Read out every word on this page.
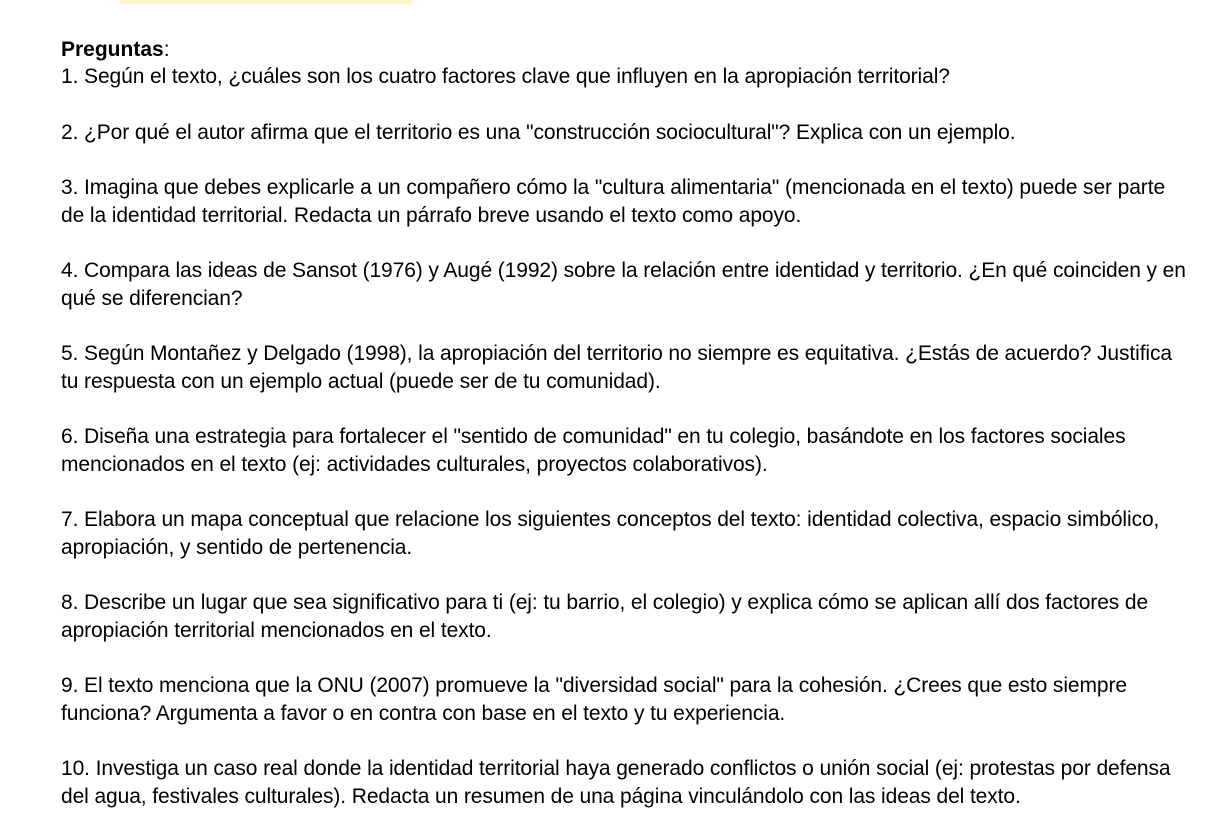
Preguntas:

1. Según el texto, ¿cuáles son los cuatro factores clave que influyen en la apropiación territorial?
2. ¿Por qué el autor afirma que el territorio es una "construcción sociocultural"? Explica con un ejemplo.
3. Imagina que debes explicarle a un compañero cómo la "cultura alimentaria" (mencionada en el texto) puede ser parte de la identidad territorial. Redacta un párrafo breve usando el texto como apoyo.
4. Compara las ideas de Sansot (1976) y Augé (1992) sobre la relación entre identidad y territorio. ¿En qué coinciden y en qué se diferencian?
5. Según Montañez y Delgado (1998), la apropiación del territorio no siempre es equitativa. ¿Estás de acuerdo? Justifica tu respuesta con un ejemplo actual (puede ser de tu comunidad).
6. Diseña una estrategia para fortalecer el "sentido de comunidad" en tu colegio, basándote en los factores sociales mencionados en el texto (ej: actividades culturales, proyectos colaborativos).
7. Elabora un mapa conceptual que relacione los siguientes conceptos del texto: identidad colectiva, espacio simbólico, apropiación, y sentido de pertenencia.
8. Describe un lugar que sea significativo para ti (ej: tu barrio, el colegio) y explica cómo se aplican allí dos factores de apropiación territorial mencionados en el texto.
9. El texto menciona que la ONU (2007) promueve la "diversidad social" para la cohesión. ¿Crees que esto siempre funciona? Argumenta a favor o en contra con base en el texto y tu experiencia.
10. Investiga un caso real donde la identidad territorial haya generado conflictos o unión social (ej: protestas por defensa del agua, festivales culturales). Redacta un resumen de una página vinculándolo con las ideas del texto.
